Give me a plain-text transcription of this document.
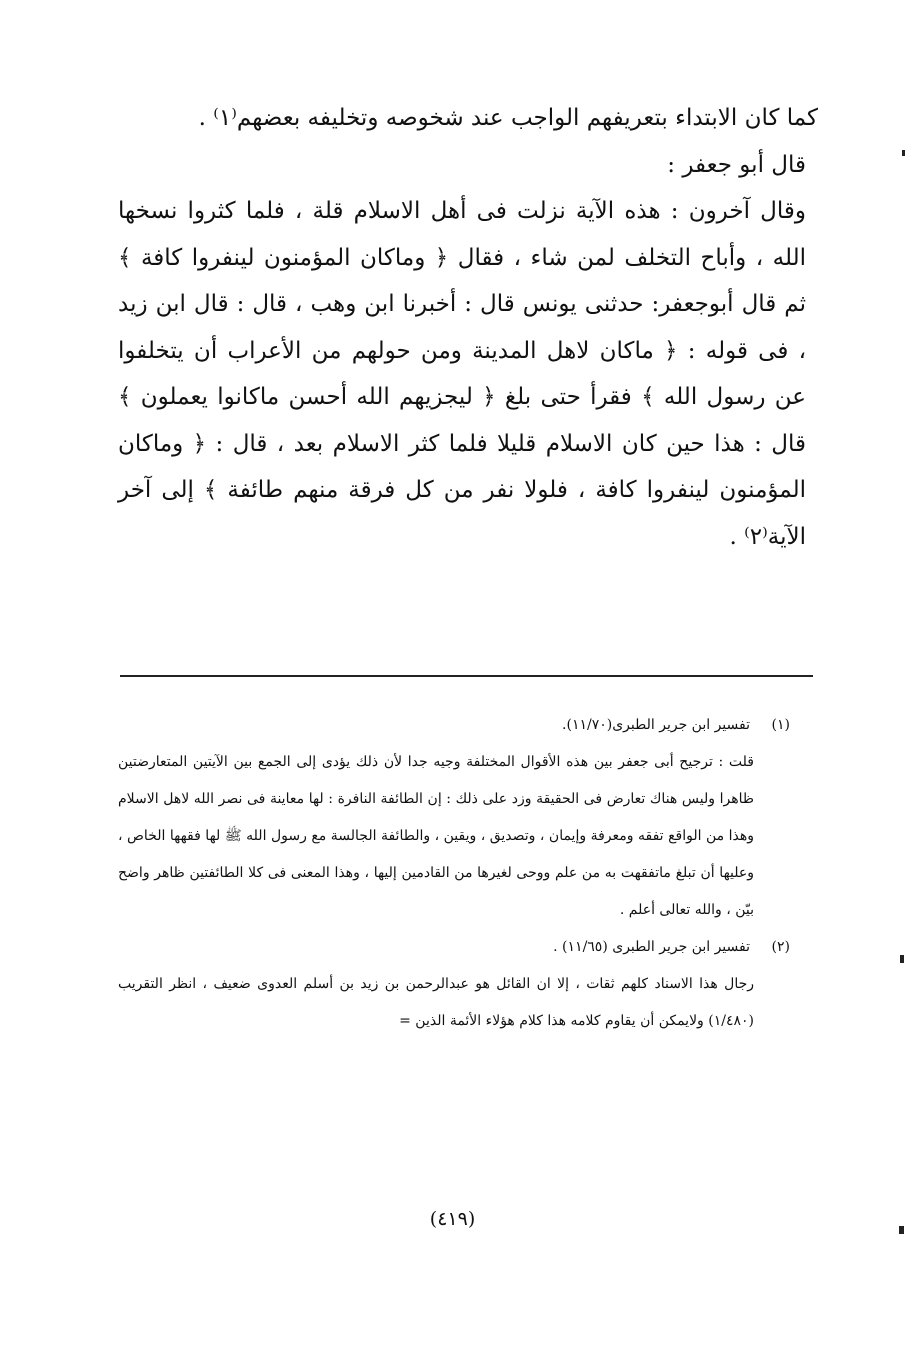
كما كان الابتداء بتعريفهم الواجب عند شخوصه وتخليفه بعضهم⁽١⁾ .

قال أبو جعفر :

وقال آخرون : هذه الآية نزلت فى أهل الاسلام قلة ، فلما كثروا نسخها الله ، وأباح التخلف لمن شاء ، فقال ﴿ وماكان المؤمنون لينفروا كافة ﴾ ثم قال أبوجعفر: حدثنى يونس قال : أخبرنا ابن وهب ، قال : قال ابن زيد ، فى قوله : ﴿ ماكان لاهل المدينة ومن حولهم من الأعراب أن يتخلفوا عن رسول الله ﴾ فقرأ حتى بلغ ﴿ ليجزيهم الله أحسن ماكانوا يعملون ﴾ قال : هذا حين كان الاسلام قليلا فلما كثر الاسلام بعد ، قال : ﴿ وماكان المؤمنون لينفروا كافة ، فلولا نفر من كل فرقة منهم طائفة ﴾ إلى آخر الآية⁽٢⁾ .

(١)تفسير ابن جرير الطبرى(١١/٧٠).

قلت : ترجيح أبى جعفر بين هذه الأقوال المختلفة وجيه جدا لأن ذلك يؤدى إلى الجمع بين الآيتين المتعارضتين ظاهرا وليس هناك تعارض فى الحقيقة وزد على ذلك : إن الطائفة النافرة : لها معاينة فى نصر الله لاهل الاسلام وهذا من الواقع تفقه ومعرفة وإيمان ، وتصديق ، ويقين ، والطائفة الجالسة مع رسول الله ﷺ لها فقهها الخاص ، وعليها أن تبلغ ماتفقهت به من علم ووحى لغيرها من القادمين إليها ، وهذا المعنى فى كلا الطائفتين ظاهر واضح بيّن ، والله تعالى أعلم .

(٢)تفسير ابن جرير الطبرى (١١/٦٥) .

رجال هذا الاسناد كلهم ثقات ، إلا ان القائل هو عبدالرحمن بن زيد بن أسلم العدوى ضعيف ، انظر التقريب (١/٤٨٠) ولايمكن أن يقاوم كلامه هذا كلام هؤلاء الأئمة الذين =

(٤١٩)
